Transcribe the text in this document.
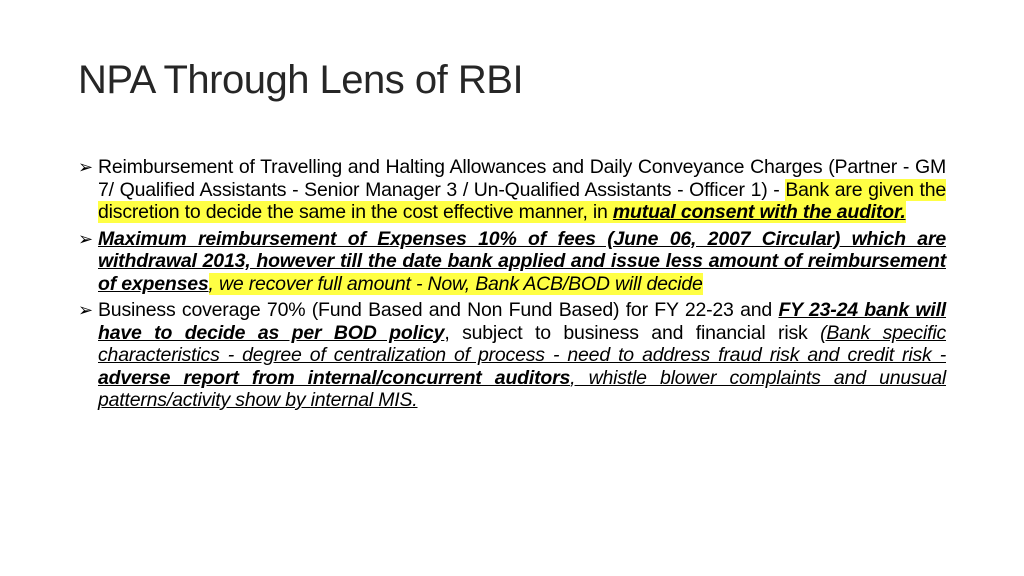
NPA Through Lens of RBI
➢ Reimbursement of Travelling and Halting Allowances and Daily Conveyance Charges (Partner - GM 7/ Qualified Assistants - Senior Manager 3 / Un-Qualified Assistants - Officer 1) - Bank are given the discretion to decide the same in the cost effective manner, in mutual consent with the auditor.
➢ Maximum reimbursement of Expenses 10% of fees (June 06, 2007 Circular) which are withdrawal 2013, however till the date bank applied and issue less amount of reimbursement of expenses, we recover full amount - Now, Bank ACB/BOD will decide
➢ Business coverage 70% (Fund Based and Non Fund Based) for FY 22-23 and FY 23-24 bank will have to decide as per BOD policy, subject to business and financial risk (Bank specific characteristics - degree of centralization of process - need to address fraud risk and credit risk - adverse report from internal/concurrent auditors, whistle blower complaints and unusual patterns/activity show by internal MIS.
